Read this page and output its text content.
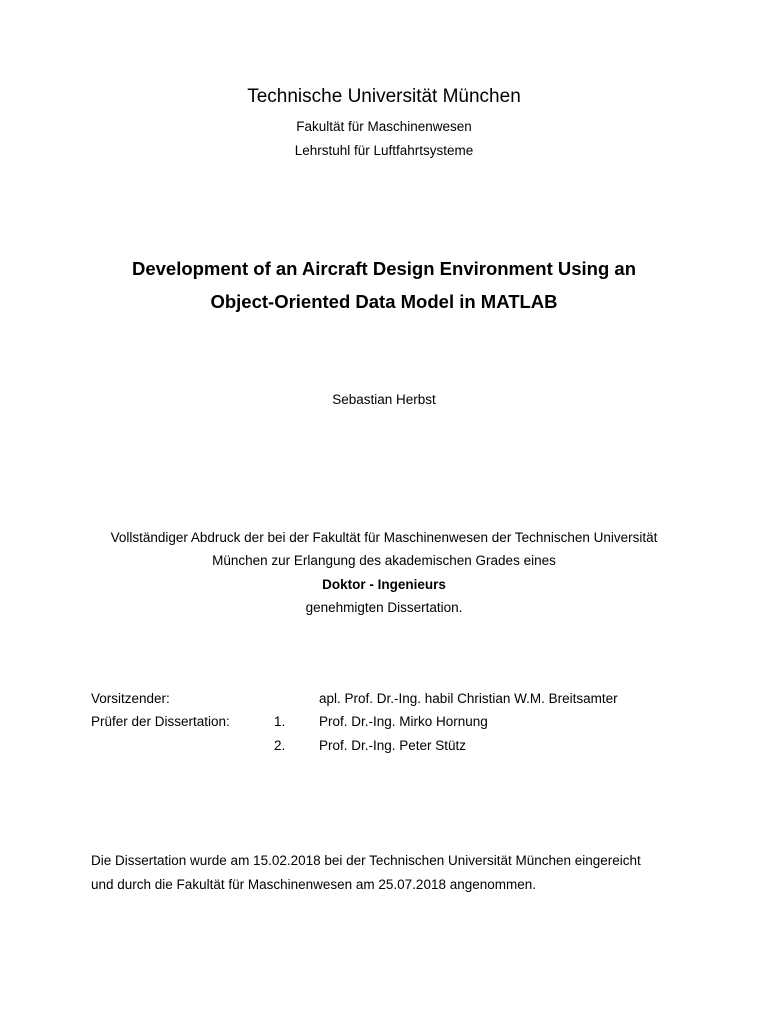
Technische Universität München
Fakultät für Maschinenwesen
Lehrstuhl für Luftfahrtsysteme
Development of an Aircraft Design Environment Using an
Object-Oriented Data Model in MATLAB
Sebastian Herbst
Vollständiger Abdruck der bei der Fakultät für Maschinenwesen der Technischen Universität
München zur Erlangung des akademischen Grades eines
Doktor - Ingenieurs
genehmigten Dissertation.
Vorsitzender:	apl. Prof. Dr.-Ing. habil Christian W.M. Breitsamter
Prüfer der Dissertation:	1. Prof. Dr.-Ing. Mirko Hornung
2. Prof. Dr.-Ing. Peter Stütz
Die Dissertation wurde am 15.02.2018 bei der Technischen Universität München eingereicht
und durch die Fakultät für Maschinenwesen am 25.07.2018 angenommen.
